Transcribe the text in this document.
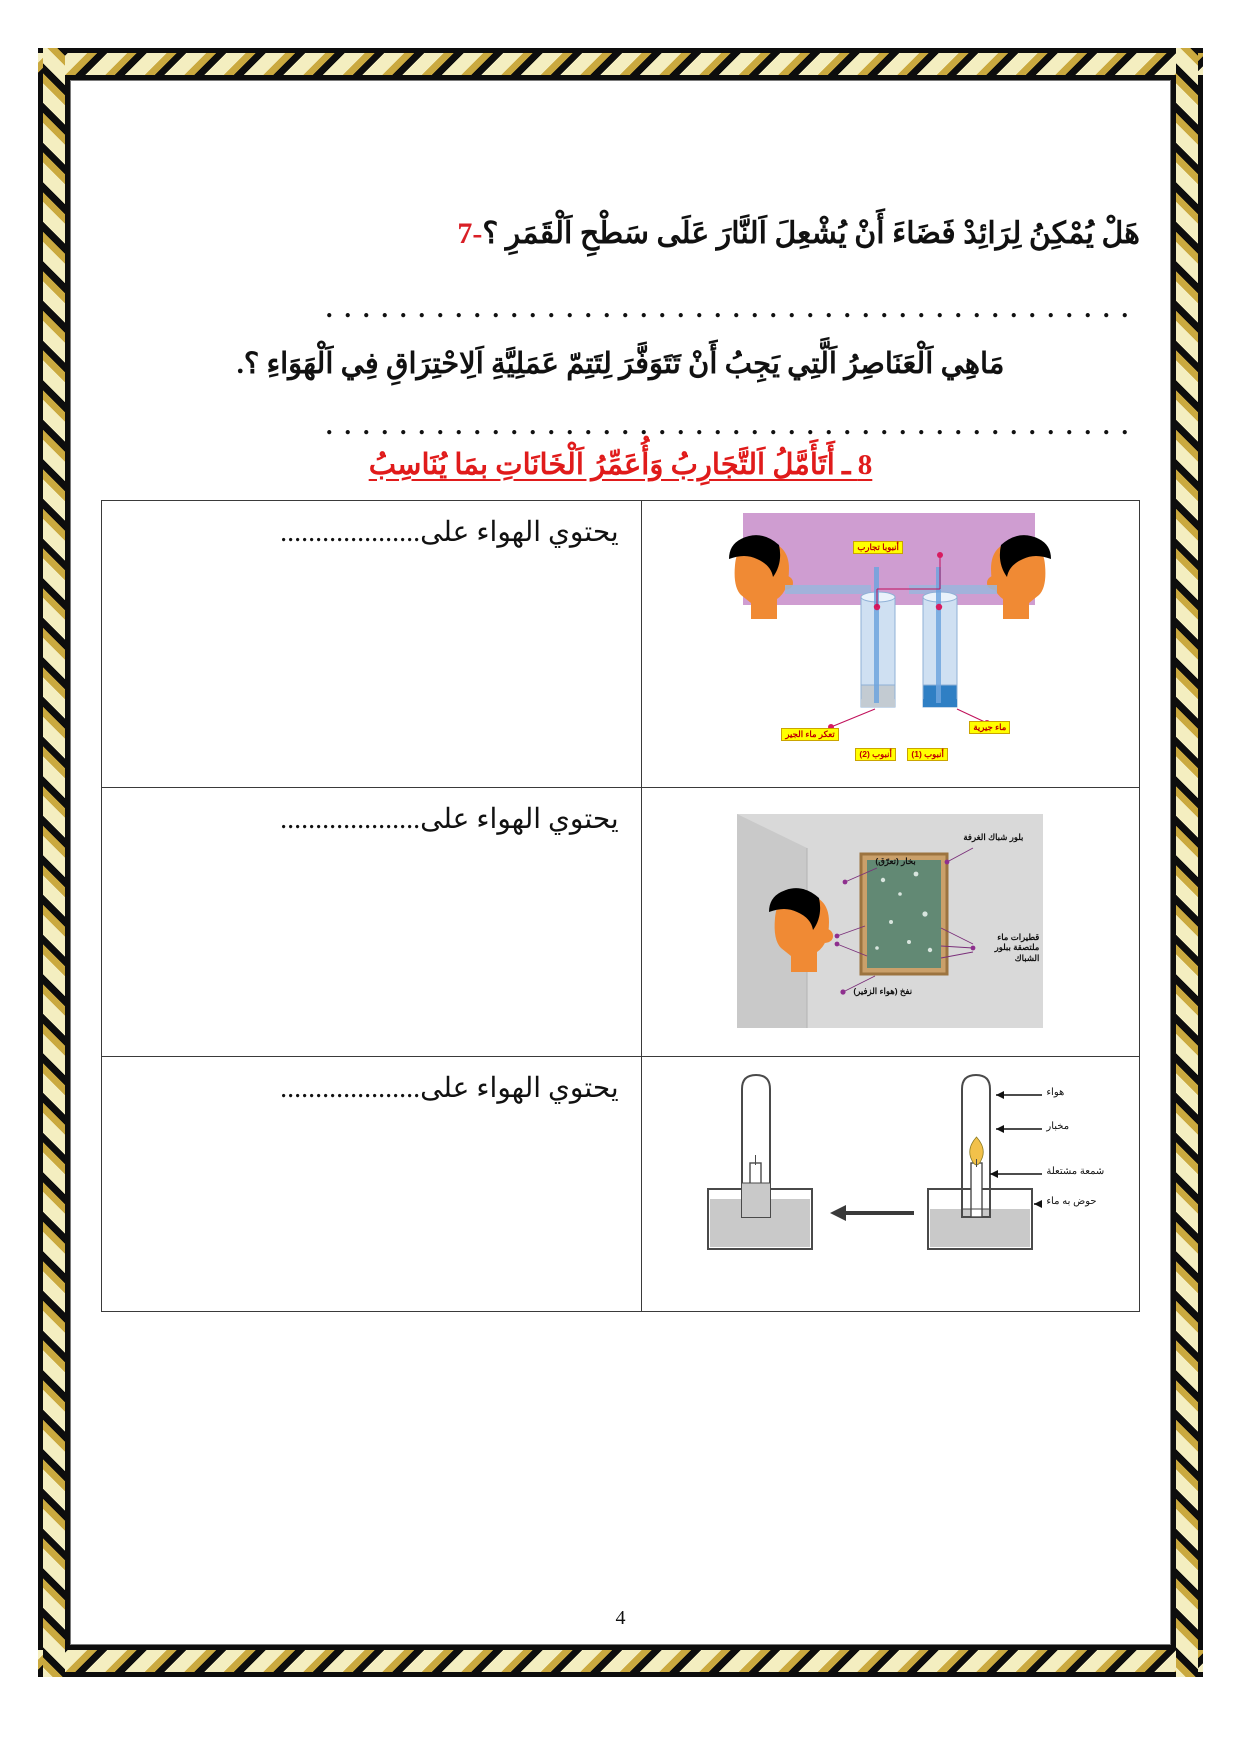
هَلْ يُمْكِنُ لِرَائِدْ فَضَاءَ أَنْ يُشْعِلَ اَلنَّارَ عَلَى سَطْحِ اَلْقَمَرِ ؟-7
............................................
مَاهِي اَلْعَنَاصِرُ اَلَّتِي يَجِبُ أَنْ تَتَوَفَّرَ لِتَتِمّ عَمَلِيَّةِ اَلِاحْتِرَاقِ فِي اَلْهَوَاءِ ؟.
............................................
8 ـ أَتَأَمَّلُ اَلتَّجَارِبُ وَأُعَمِّرُ اَلْخَانَاتِ بمَا يُنَاسِبُ
أنبوبا تجارب
تعكر ماء الجير
ماء جيرية
أنبوب (1)
أنبوب (2)	يحتوي الهواء على....................

بلور شباك الغرفة
بخار (تعرّق)
قطيرات ماء ملتصقة ببلور الشباك
نفخ (هواء الزفير)	يحتوي الهواء على....................

هواء
مخبار
شمعة مشتعلة
حوض به ماء	يحتوي الهواء على....................
4
